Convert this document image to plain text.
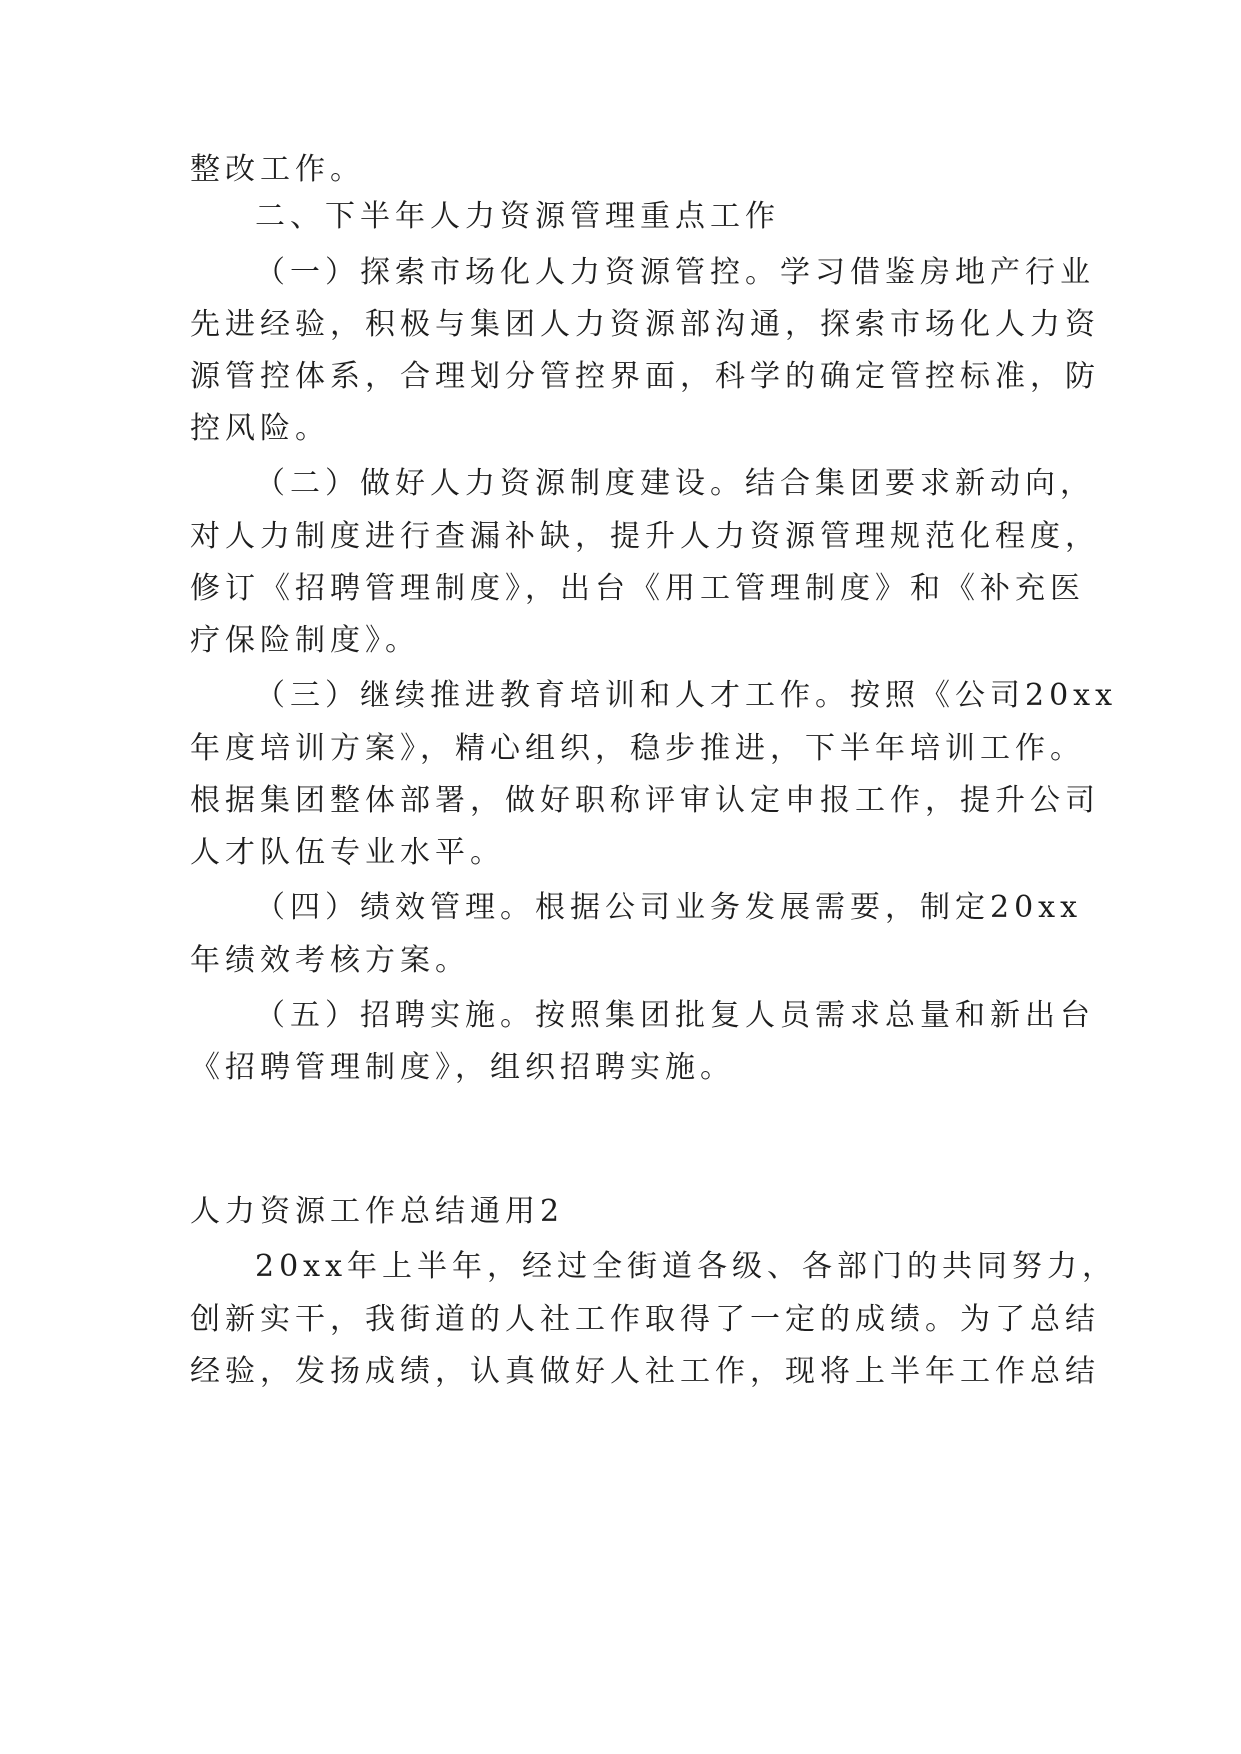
整改工作。
二、下半年人力资源管理重点工作
（一）探索市场化人力资源管控。学习借鉴房地产行业
先进经验，积极与集团人力资源部沟通，探索市场化人力资
源管控体系，合理划分管控界面，科学的确定管控标准，防
控风险。
（二）做好人力资源制度建设。结合集团要求新动向，
对人力制度进行查漏补缺，提升人力资源管理规范化程度，
修订《招聘管理制度》，出台《用工管理制度》和《补充医
疗保险制度》。
（三）继续推进教育培训和人才工作。按照《公司20xx
年度培训方案》，精心组织，稳步推进，下半年培训工作。
根据集团整体部署，做好职称评审认定申报工作，提升公司
人才队伍专业水平。
（四）绩效管理。根据公司业务发展需要，制定20xx
年绩效考核方案。
（五）招聘实施。按照集团批复人员需求总量和新出台
《招聘管理制度》，组织招聘实施。
人力资源工作总结通用2
20xx年上半年，经过全街道各级、各部门的共同努力，
创新实干，我街道的人社工作取得了一定的成绩。为了总结
经验，发扬成绩，认真做好人社工作，现将上半年工作总结
